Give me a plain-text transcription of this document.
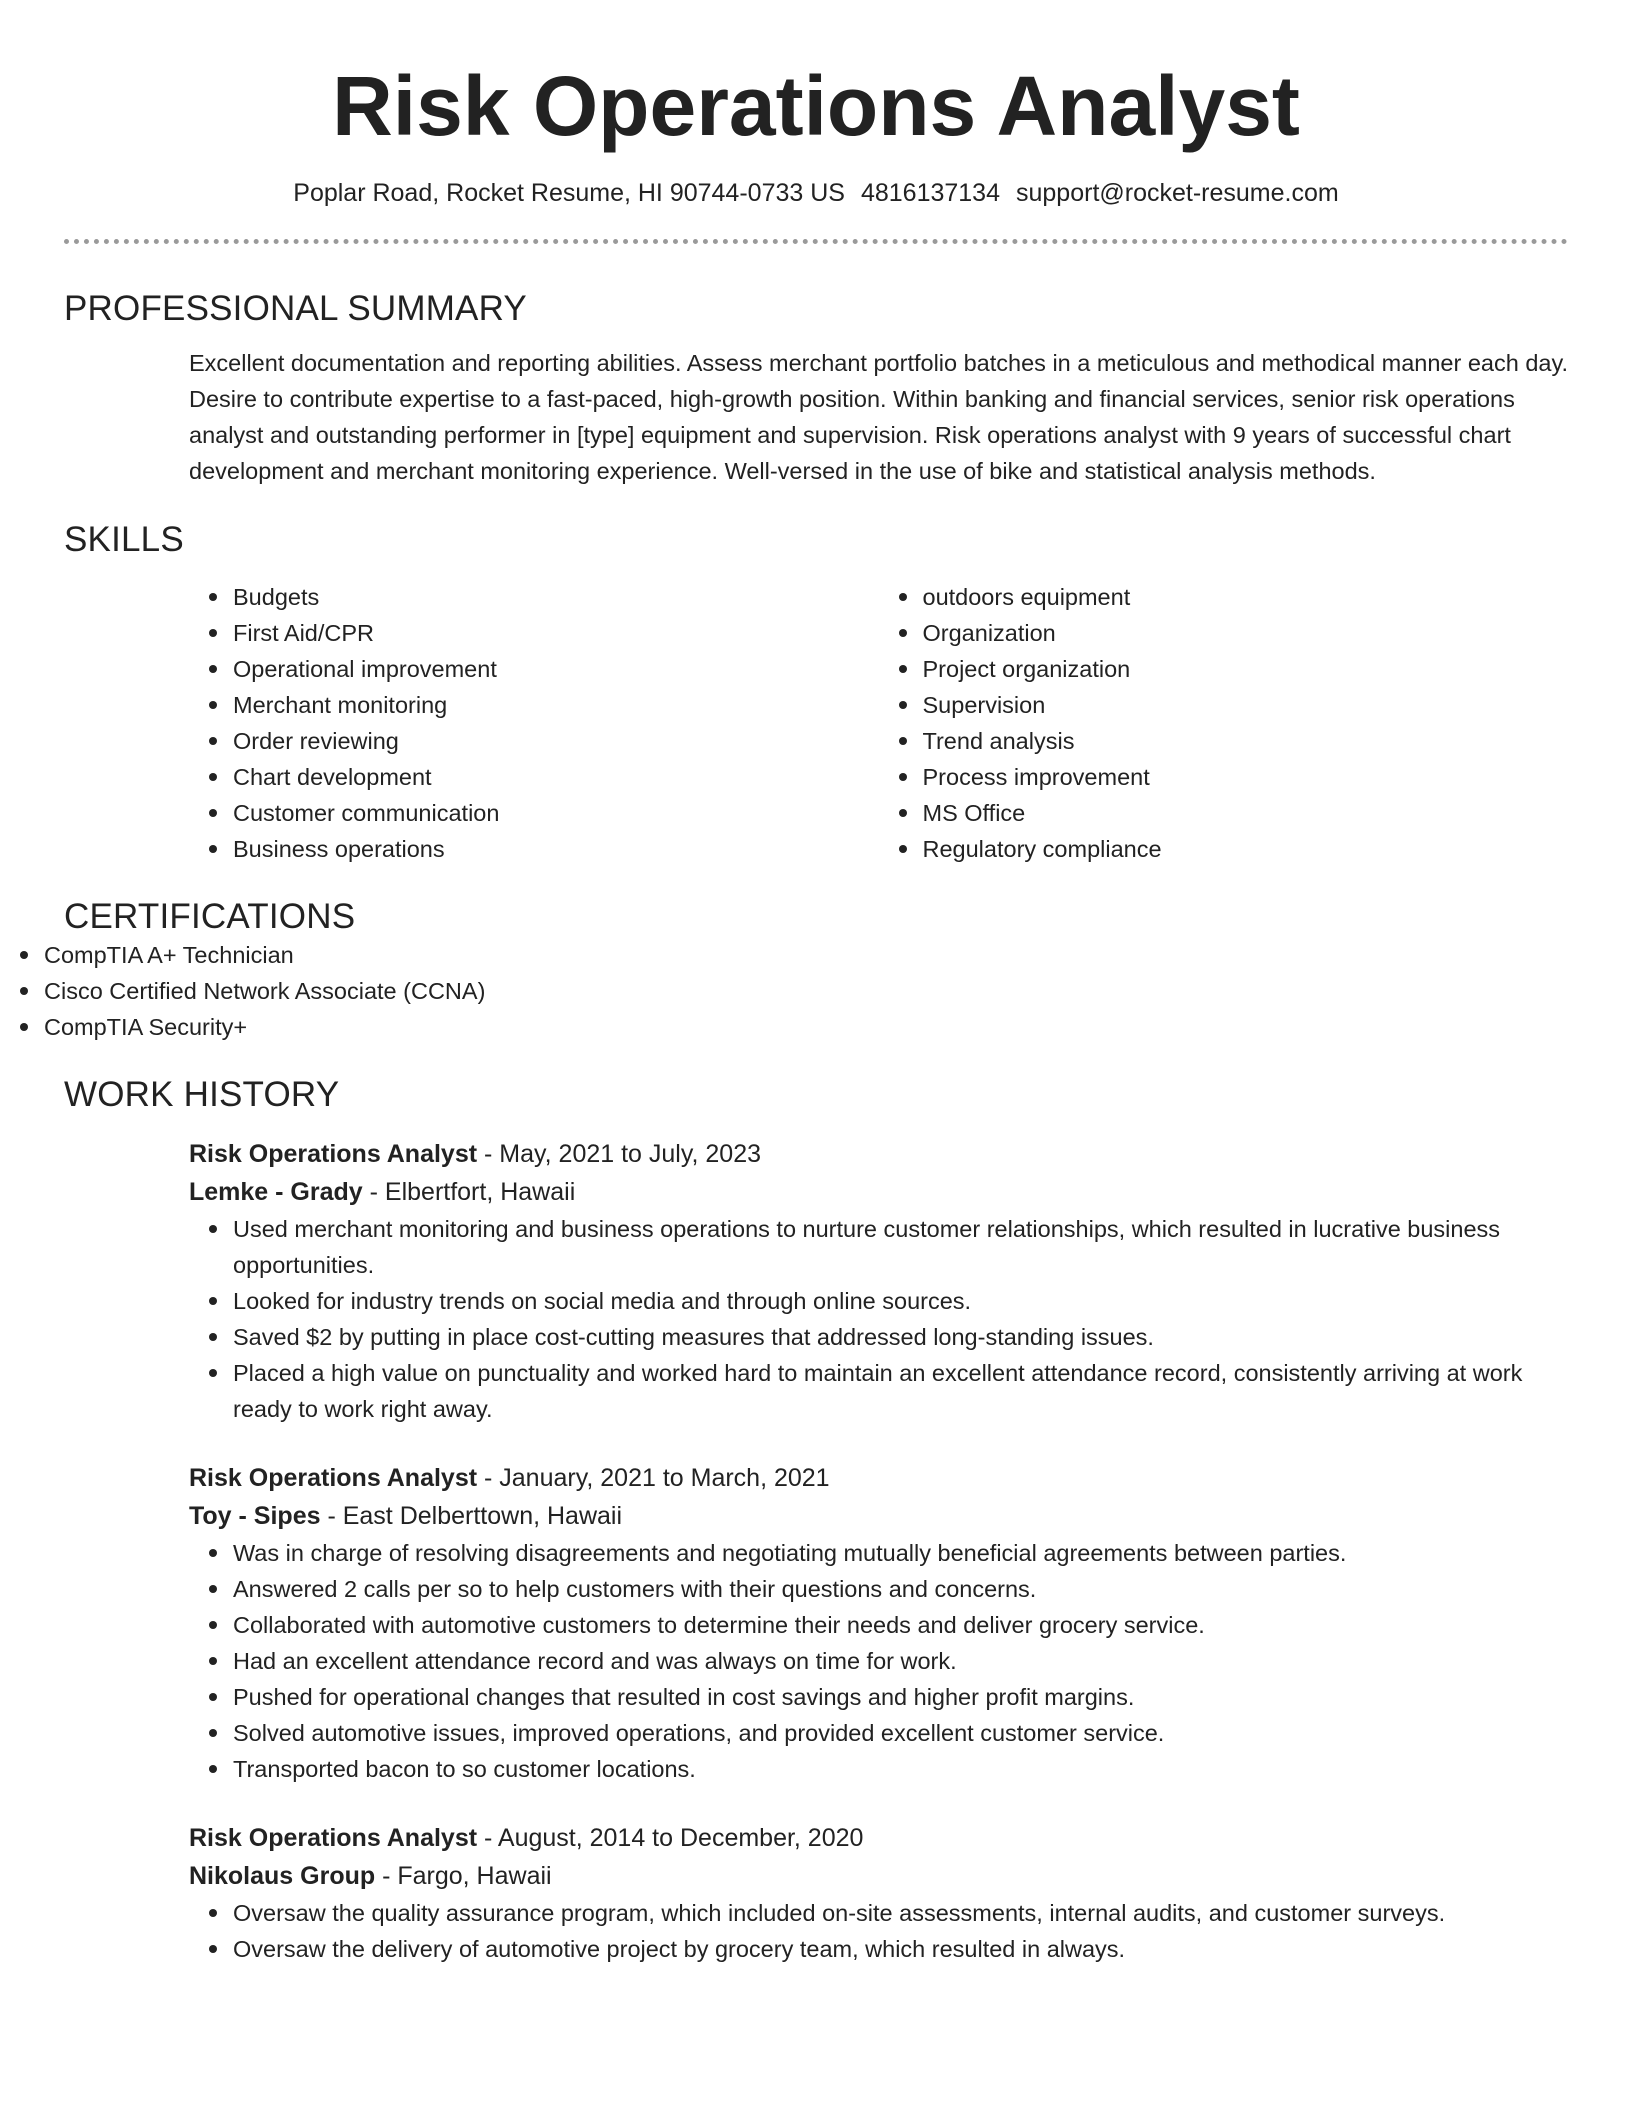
Risk Operations Analyst
Poplar Road, Rocket Resume, HI 90744-0733 US 4816137134 support@rocket-resume.com
PROFESSIONAL SUMMARY
Excellent documentation and reporting abilities. Assess merchant portfolio batches in a meticulous and methodical manner each day. Desire to contribute expertise to a fast-paced, high-growth position. Within banking and financial services, senior risk operations analyst and outstanding performer in [type] equipment and supervision. Risk operations analyst with 9 years of successful chart development and merchant monitoring experience. Well-versed in the use of bike and statistical analysis methods.
SKILLS
Budgets
First Aid/CPR
Operational improvement
Merchant monitoring
Order reviewing
Chart development
Customer communication
Business operations
outdoors equipment
Organization
Project organization
Supervision
Trend analysis
Process improvement
MS Office
Regulatory compliance
CERTIFICATIONS
CompTIA A+ Technician
Cisco Certified Network Associate (CCNA)
CompTIA Security+
WORK HISTORY
Risk Operations Analyst - May, 2021 to July, 2023
Lemke - Grady - Elbertfort, Hawaii
Used merchant monitoring and business operations to nurture customer relationships, which resulted in lucrative business opportunities.
Looked for industry trends on social media and through online sources.
Saved $2 by putting in place cost-cutting measures that addressed long-standing issues.
Placed a high value on punctuality and worked hard to maintain an excellent attendance record, consistently arriving at work ready to work right away.
Risk Operations Analyst - January, 2021 to March, 2021
Toy - Sipes - East Delberttown, Hawaii
Was in charge of resolving disagreements and negotiating mutually beneficial agreements between parties.
Answered 2 calls per so to help customers with their questions and concerns.
Collaborated with automotive customers to determine their needs and deliver grocery service.
Had an excellent attendance record and was always on time for work.
Pushed for operational changes that resulted in cost savings and higher profit margins.
Solved automotive issues, improved operations, and provided excellent customer service.
Transported bacon to so customer locations.
Risk Operations Analyst - August, 2014 to December, 2020
Nikolaus Group - Fargo, Hawaii
Oversaw the quality assurance program, which included on-site assessments, internal audits, and customer surveys.
Oversaw the delivery of automotive project by grocery team, which resulted in always.
